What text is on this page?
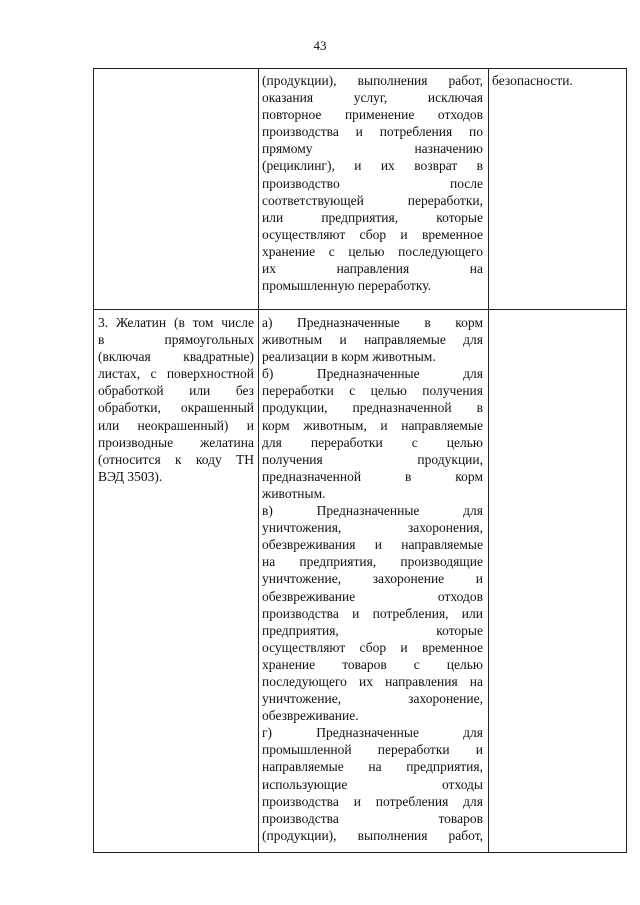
43
(продукции), выполнения работ,
оказания услуг, исключая
повторное применение отходов
производства и потребления по
прямому назначению
(рециклинг), и их возврат в
производство после
соответствующей переработки,
или предприятия, которые
осуществляют сбор и временное
хранение с целью последующего
их направления на
промышленную переработку.
безопасности.
3. Желатин (в том числе
в прямоугольных
(включая квадратные)
листах, с поверхностной
обработкой или без
обработки, окрашенный
или неокрашенный) и
производные желатина
(относится к коду ТН
ВЭД 3503).
а) Предназначенные в корм
животным и направляемые для
реализации в корм животным.
б) Предназначенные для
переработки с целью получения
продукции, предназначенной в
корм животным, и направляемые
для переработки с целью
получения продукции,
предназначенной в корм
животным.
в) Предназначенные для
уничтожения, захоронения,
обезвреживания и направляемые
на предприятия, производящие
уничтожение, захоронение и
обезвреживание отходов
производства и потребления, или
предприятия, которые
осуществляют сбор и временное
хранение товаров с целью
последующего их направления на
уничтожение, захоронение,
обезвреживание.
г) Предназначенные для
промышленной переработки и
направляемые на предприятия,
использующие отходы
производства и потребления для
производства товаров
(продукции), выполнения работ,
